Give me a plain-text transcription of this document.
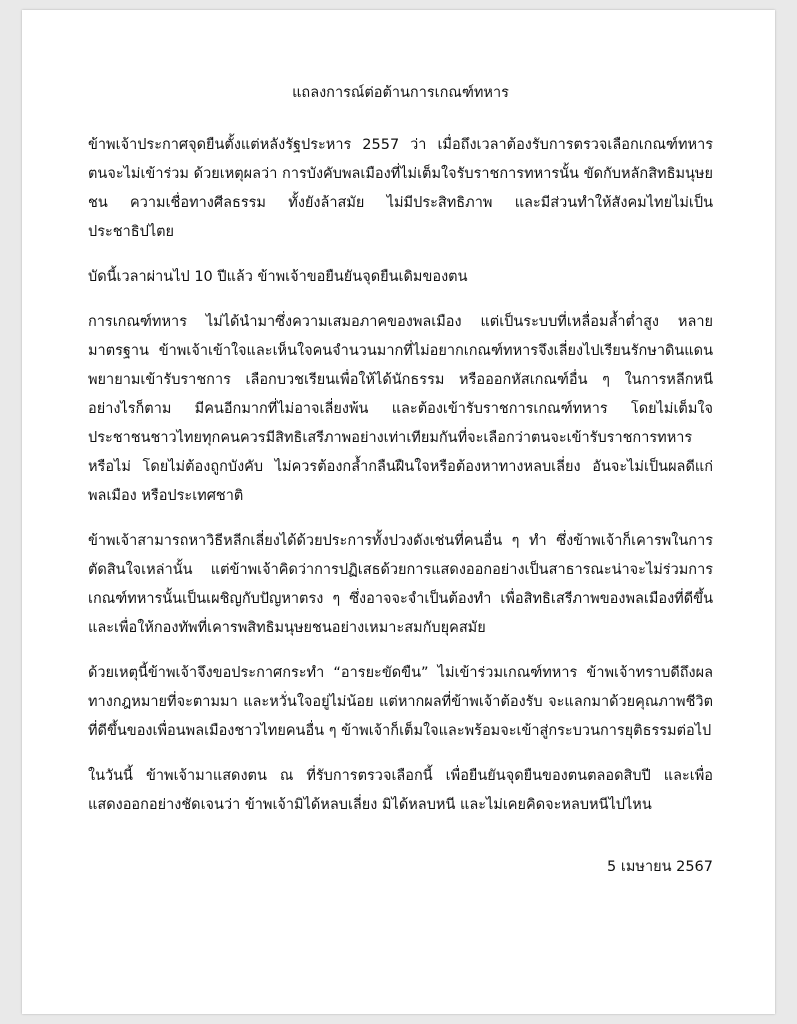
แถลงการณ์ต่อต้านการเกณฑ์ทหาร

ข้าพเจ้าประกาศจุดยืนตั้งแต่หลังรัฐประหาร 2557 ว่า เมื่อถึงเวลาต้องรับการตรวจเลือกเกณฑ์ทหาร ตนจะไม่เข้าร่วม ด้วยเหตุผลว่า การบังคับพลเมืองที่ไม่เต็มใจรับราชการทหารนั้น ขัดกับหลักสิทธิมนุษยชน ความเชื่อทางศีลธรรม ทั้งยังล้าสมัย ไม่มีประสิทธิภาพ และมีส่วนทำให้สังคมไทยไม่เป็นประชาธิปไตย

บัดนี้เวลาผ่านไป 10 ปีแล้ว ข้าพเจ้าขอยืนยันจุดยืนเดิมของตน

การเกณฑ์ทหาร ไม่ได้นำมาซึ่งความเสมอภาคของพลเมือง แต่เป็นระบบที่เหลื่อมล้ำต่ำสูง หลายมาตรฐาน ข้าพเจ้าเข้าใจและเห็นใจคนจำนวนมากที่ไม่อยากเกณฑ์ทหารจึงเลี่ยงไปเรียนรักษาดินแดน พยายามเข้ารับราชการ เลือกบวชเรียนเพื่อให้ได้นักธรรม หรือออกหัสเกณฑ์อื่น ๆ ในการหลีกหนี อย่างไรก็ตาม มีคนอีกมากที่ไม่อาจเลี่ยงพ้น และต้องเข้ารับราชการเกณฑ์ทหาร โดยไม่เต็มใจ ประชาชนชาวไทยทุกคนควรมีสิทธิเสรีภาพอย่างเท่าเทียมกันที่จะเลือกว่าตนจะเข้ารับราชการทหารหรือไม่ โดยไม่ต้องถูกบังคับ ไม่ควรต้องกล้ำกลืนฝืนใจหรือต้องหาทางหลบเลี่ยง อันจะไม่เป็นผลดีแก่พลเมือง หรือประเทศชาติ

ข้าพเจ้าสามารถหาวิธีหลีกเลี่ยงได้ด้วยประการทั้งปวงดังเช่นที่คนอื่น ๆ ทำ ซึ่งข้าพเจ้าก็เคารพในการตัดสินใจเหล่านั้น แต่ข้าพเจ้าคิดว่าการปฏิเสธด้วยการแสดงออกอย่างเป็นสาธารณะน่าจะไม่ร่วมการเกณฑ์ทหารนั้นเป็นเผชิญกับปัญหาตรง ๆ ซึ่งอาจจะจำเป็นต้องทำ เพื่อสิทธิเสรีภาพของพลเมืองที่ดีขึ้น และเพื่อให้กองทัพที่เคารพสิทธิมนุษยชนอย่างเหมาะสมกับยุคสมัย

ด้วยเหตุนี้ข้าพเจ้าจึงขอประกาศกระทำ “อารยะขัดขืน” ไม่เข้าร่วมเกณฑ์ทหาร ข้าพเจ้าทราบดีถึงผลทางกฎหมายที่จะตามมา และหวั่นใจอยู่ไม่น้อย แต่หากผลที่ข้าพเจ้าต้องรับ จะแลกมาด้วยคุณภาพชีวิตที่ดีขึ้นของเพื่อนพลเมืองชาวไทยคนอื่น ๆ ข้าพเจ้าก็เต็มใจและพร้อมจะเข้าสู่กระบวนการยุติธรรมต่อไป

ในวันนี้ ข้าพเจ้ามาแสดงตน ณ ที่รับการตรวจเลือกนี้ เพื่อยืนยันจุดยืนของตนตลอดสิบปี และเพื่อแสดงออกอย่างชัดเจนว่า ข้าพเจ้ามิได้หลบเลี่ยง มิได้หลบหนี และไม่เคยคิดจะหลบหนีไปไหน

5 เมษายน 2567
